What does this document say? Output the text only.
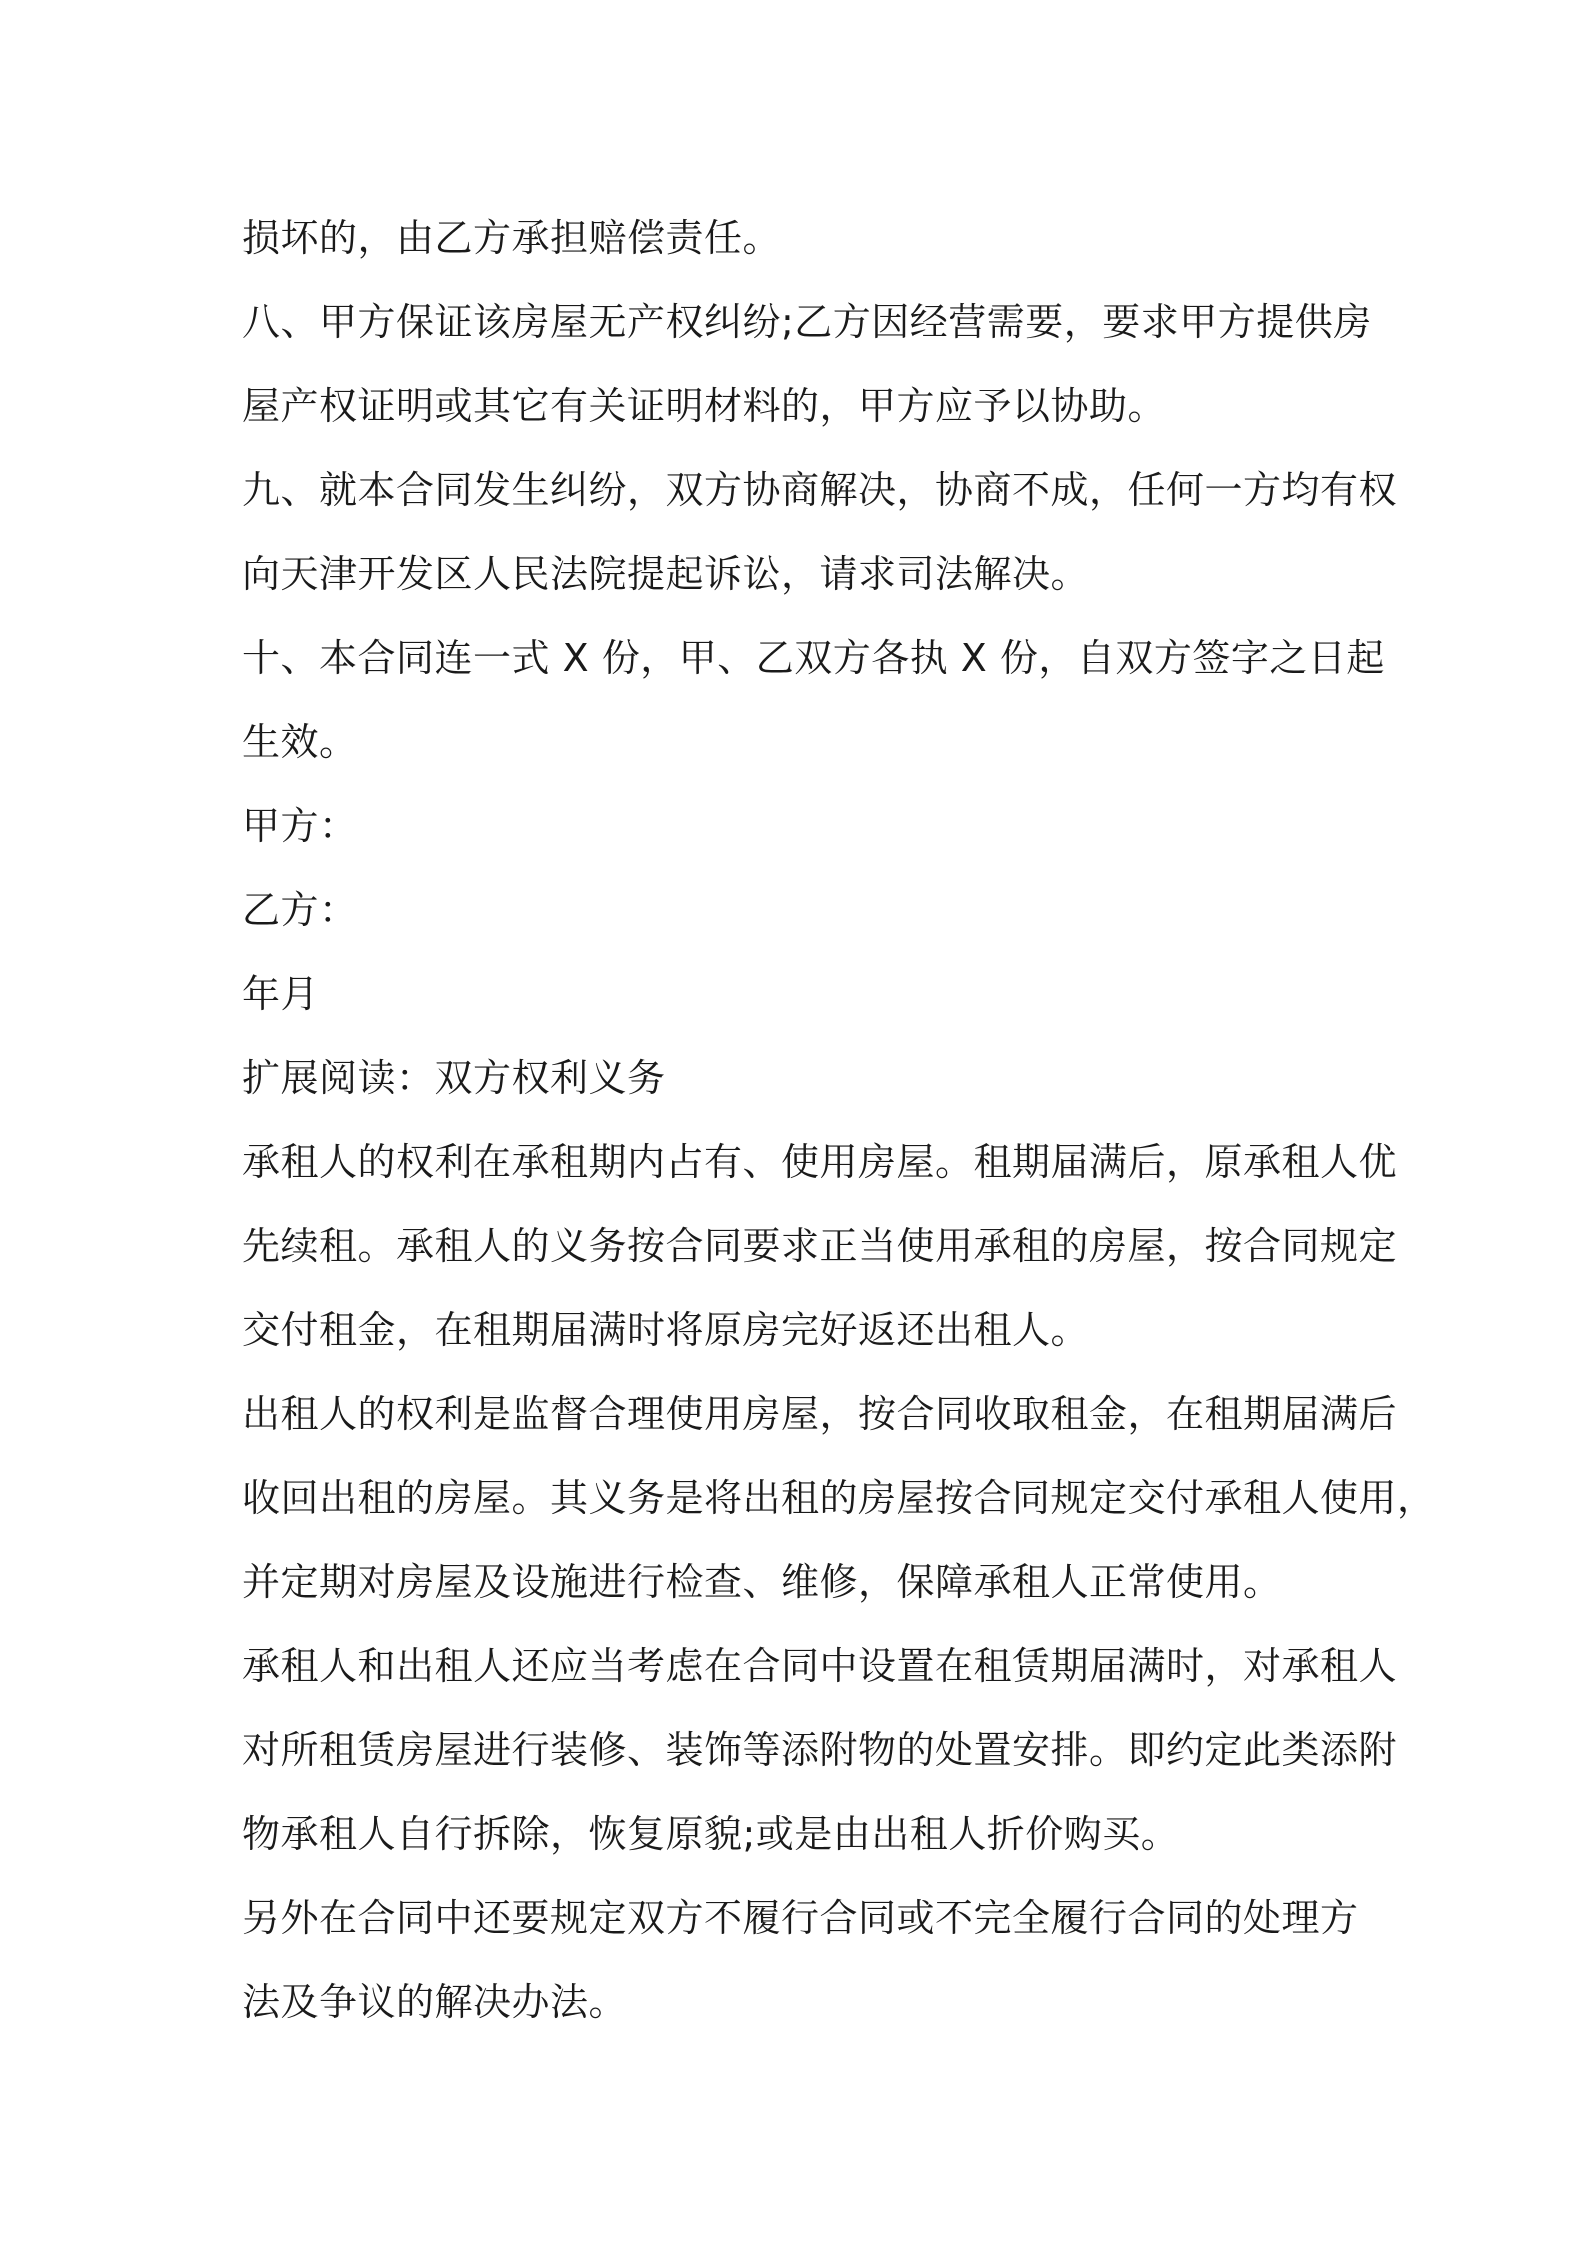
损坏的，由乙方承担赔偿责任。
八、甲方保证该房屋无产权纠纷;乙方因经营需要，要求甲方提供房
屋产权证明或其它有关证明材料的，甲方应予以协助。
九、就本合同发生纠纷，双方协商解决，协商不成，任何一方均有权
向天津开发区人民法院提起诉讼，请求司法解决。
十、本合同连一式 X 份，甲、乙双方各执 X 份，自双方签字之日起
生效。
甲方：
乙方：
年月
扩展阅读：双方权利义务
承租人的权利在承租期内占有、使用房屋。租期届满后，原承租人优
先续租。承租人的义务按合同要求正当使用承租的房屋，按合同规定
交付租金，在租期届满时将原房完好返还出租人。
出租人的权利是监督合理使用房屋，按合同收取租金，在租期届满后
收回出租的房屋。其义务是将出租的房屋按合同规定交付承租人使用，
并定期对房屋及设施进行检查、维修，保障承租人正常使用。
承租人和出租人还应当考虑在合同中设置在租赁期届满时，对承租人
对所租赁房屋进行装修、装饰等添附物的处置安排。即约定此类添附
物承租人自行拆除，恢复原貌;或是由出租人折价购买。
另外在合同中还要规定双方不履行合同或不完全履行合同的处理方
法及争议的解决办法。
